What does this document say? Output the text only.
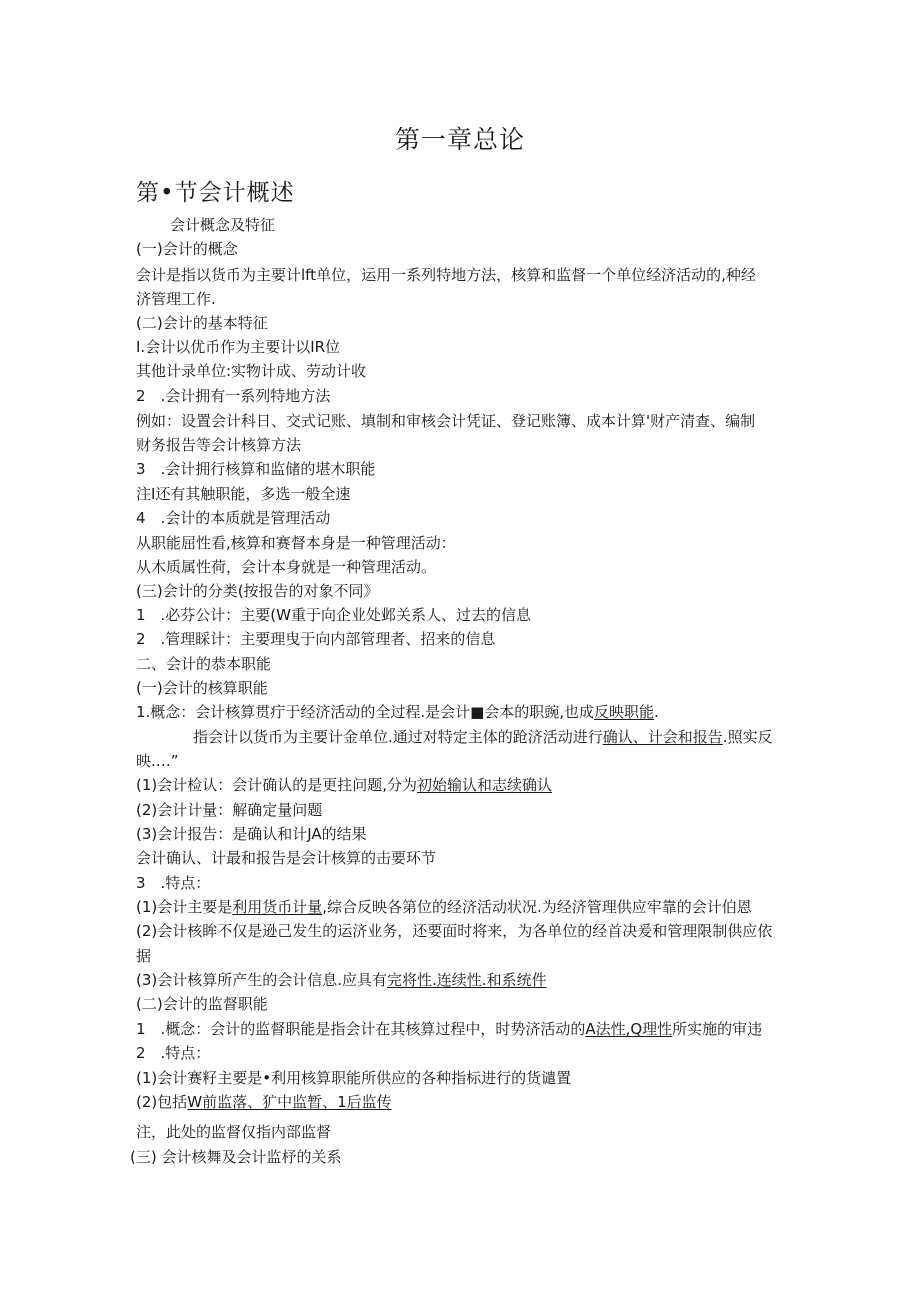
第一章总论
第•节会计概述
会计概念及特征
(一)会计的概念
会计是指以货币为主要计lft单位，运用一系列特地方法，核算和监督一个单位经济活动的,种经
济管理工作.
(二)会计的基本特征
I.会计以优币作为主要计以IR位
其他计录单位:实物计成、劳动计收
2　.会计拥有一系列特地方法
例如：设置会计科日、交式记账、填制和审核会计凭证、登记账簿、成本计算'财产清查、编制
财务报告等会计核算方法
3　.会计拥行核算和监储的堪木职能
注I还有其触职能，多选一般全速
4　.会计的本质就是管理活动
从职能屈性看,核算和赛督本身是一种管理活动：
从木质属性荷，会计本身就是一种管理活动。
(三)会计的分类(按报告的对象不同》
1　.必芬公计：主要(W重于向企业处邺关系人、过去的信息
2　.管理睬计：主要理曳于向内部管理者、招来的信息
二、会计的恭本职能
(一)会计的核算职能
1.概念：会计核算贯疔于经济活动的全过程.是会计■会本的职豌,也成反映职能.
指会计以货币为主要计金单位.通过对特定主体的跄济活动进行确认、计会和报告.照实反
映.…”
(1)会计检认：会计确认的是更拄问题,分为初始输认和志续确认
(2)会计计量：解确定量问题
(3)会计报告：是确认和计JA的结果
会计确认、计最和报告是会计核算的击要环节
3　.特点：
(1)会计主要是利用货币计量,综合反映各第位的经济活动状况.为经济管理供应牢靠的会计伯恩
(2)会计核眸不仅是逊己发生的运济业务，还要面时将来，为各单位的经首决爰和管理限制供应依
据
(3)会计核算所产生的会计信息.应具有完将性.连续性.和系统件
(二)会计的监督职能
1　.概念：会计的监督职能是指会计在其核算过程中，时势济活动的A法性,Q理性所实施的审违
2　.特点：
(1)会计赛籽主要是•利用核算职能所供应的各种指标进行的货谴置
(2)包括W前监落、犷中监暂、1后监传
注，此处的监督仅指内部监督
(三) 会计核舞及会计监杼的关系
